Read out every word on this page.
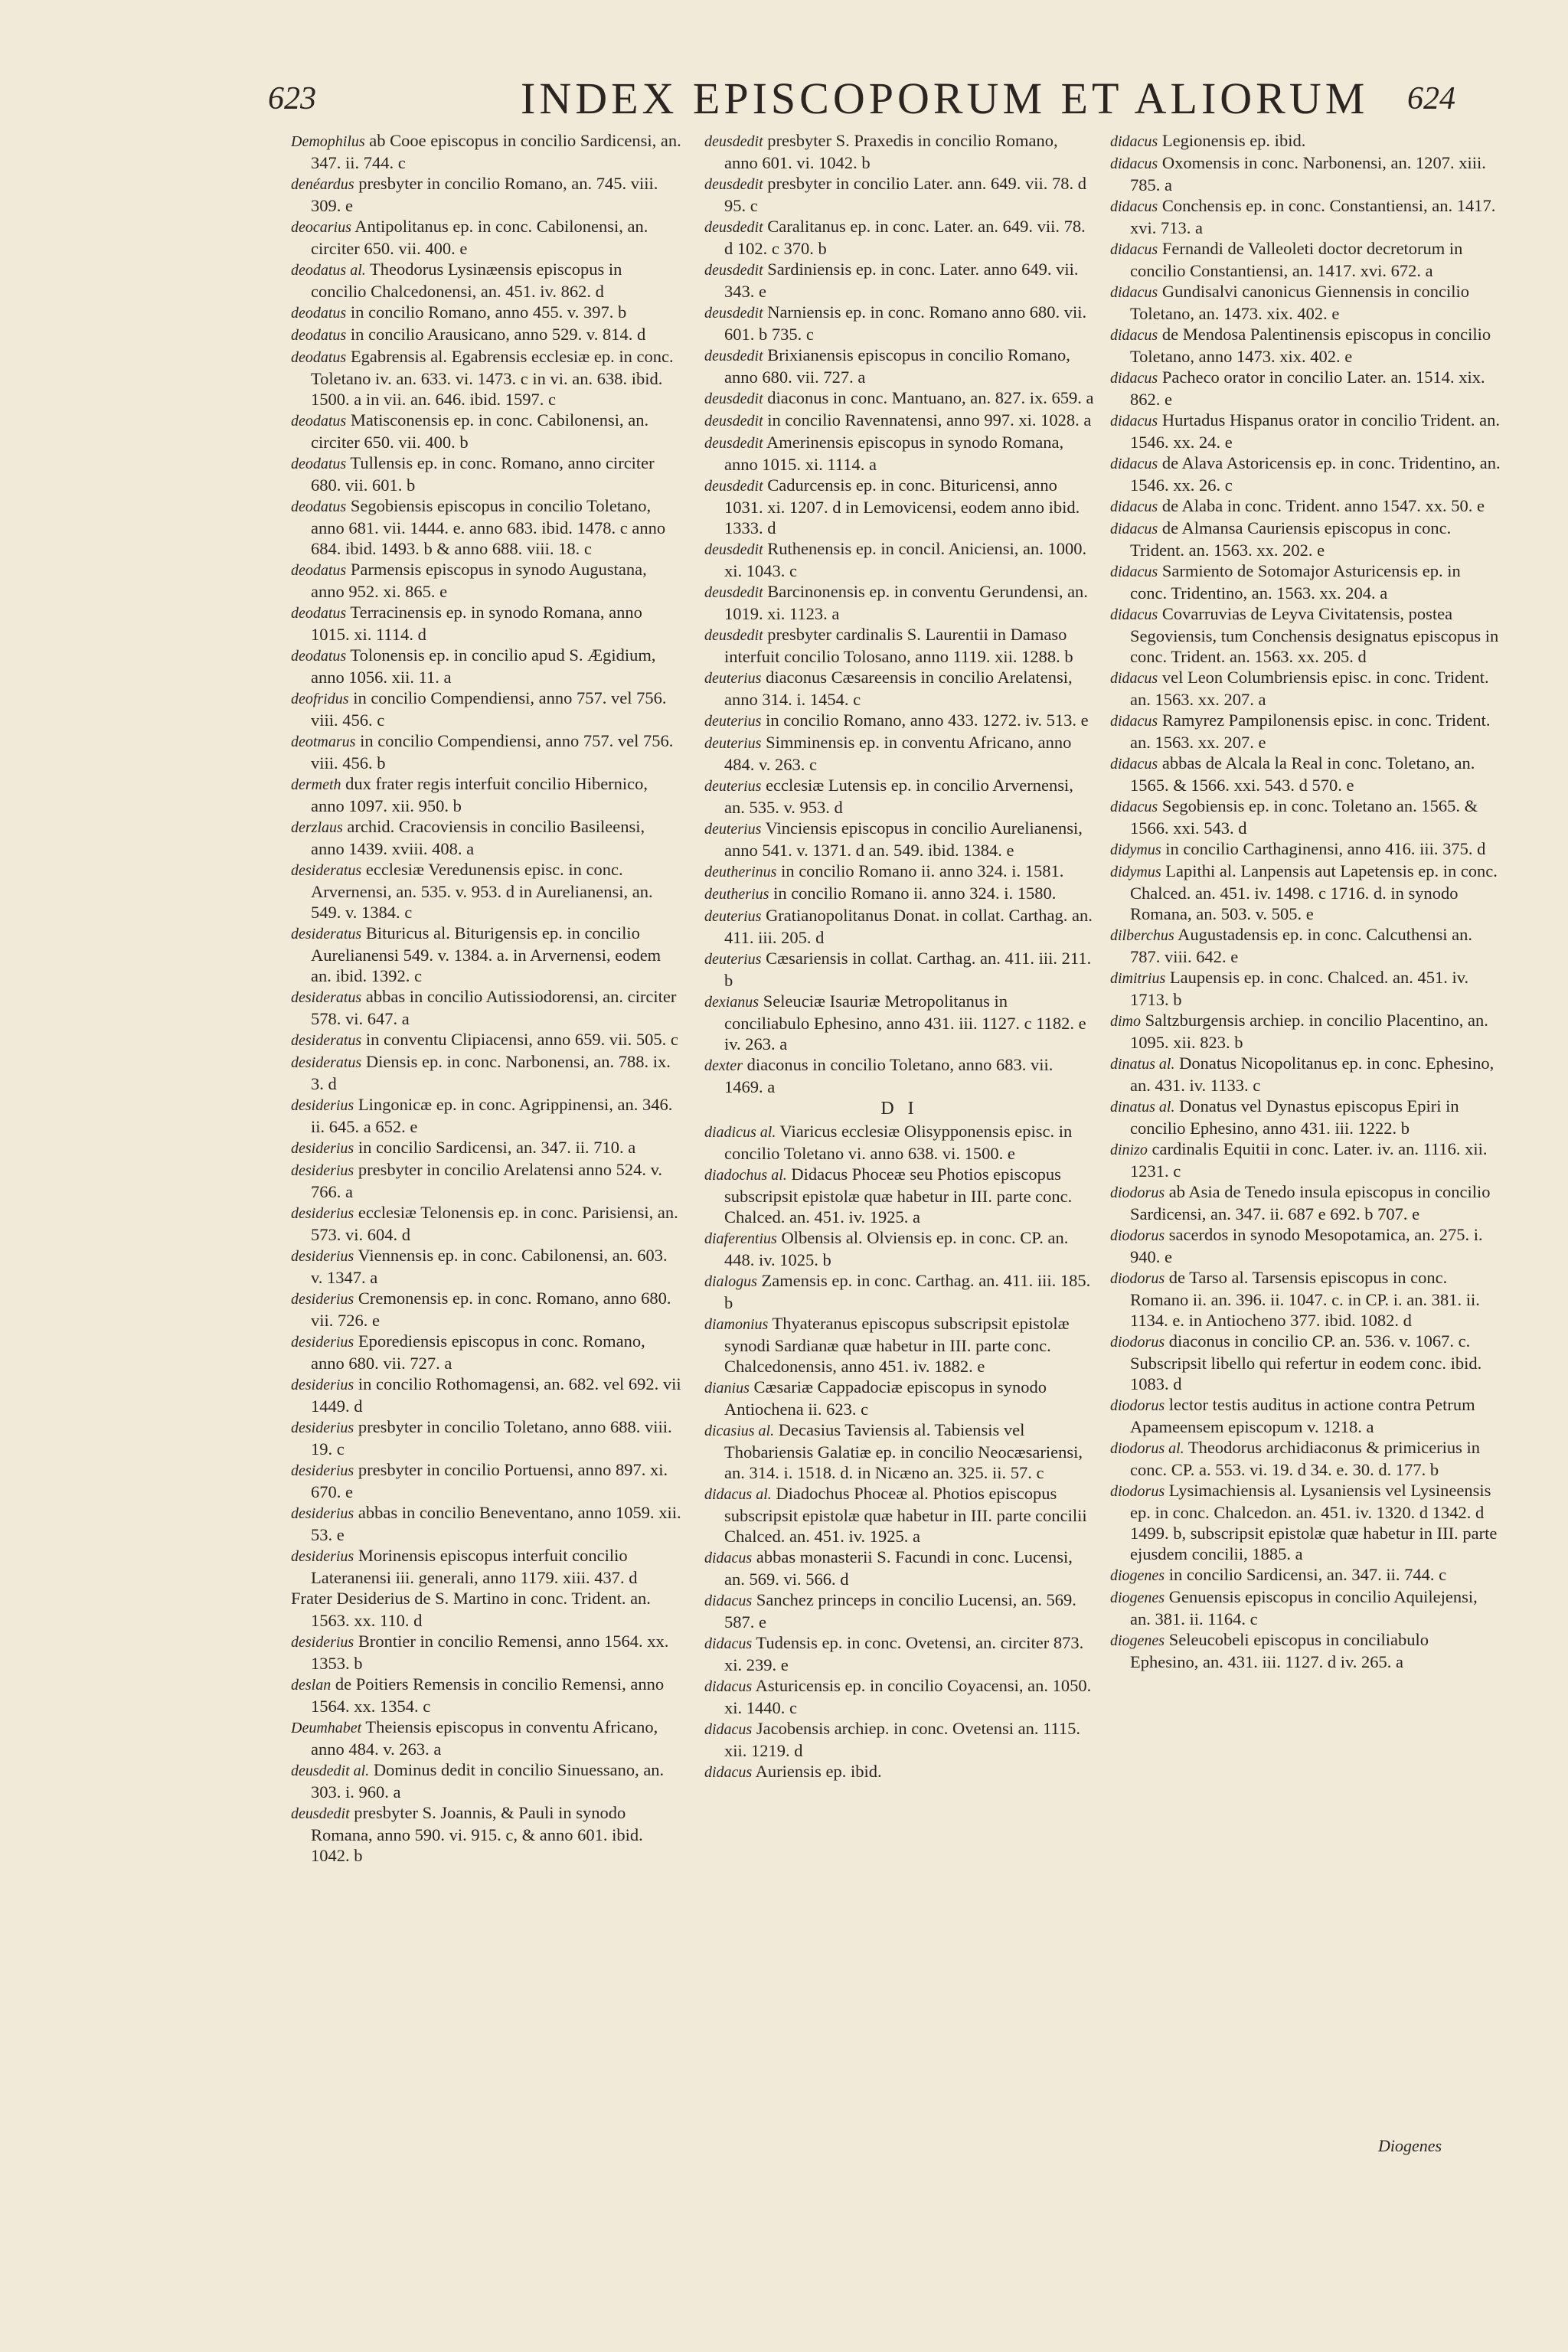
623	INDEX EPISCOPORUM ET ALIORUM 624

Demophilus ab Cooe episcopus in concilio Sardicensi, an. 347. ii. 744. c

denéardus presbyter in concilio Romano, an. 745. viii. 309. e

deocarius Antipolitanus ep. in conc. Cabilonensi, an. circiter 650. vii. 400. e

deodatus al. Theodorus Lysinæensis episcopus in concilio Chalcedonensi, an. 451. iv. 862. d

deodatus in concilio Romano, anno 455. v. 397. b

deodatus in concilio Arausicano, anno 529. v. 814. d

deodatus Egabrensis al. Egabrensis ecclesiæ ep. in conc. Toletano iv. an. 633. vi. 1473. c in vi. an. 638. ibid. 1500. a in vii. an. 646. ibid. 1597. c

deodatus Matisconensis ep. in conc. Cabilonensi, an. circiter 650. vii. 400. b

deodatus Tullensis ep. in conc. Romano, anno circiter 680. vii. 601. b

deodatus Segobiensis episcopus in concilio Toletano, anno 681. vii. 1444. e. anno 683. ibid. 1478. c anno 684. ibid. 1493. b & anno 688. viii. 18. c

deodatus Parmensis episcopus in synodo Augustana, anno 952. xi. 865. e

deodatus Terracinensis ep. in synodo Romana, anno 1015. xi. 1114. d

deodatus Tolonensis ep. in concilio apud S. Ægidium, anno 1056. xii. 11. a

deofridus in concilio Compendiensi, anno 757. vel 756. viii. 456. c

deotmarus in concilio Compendiensi, anno 757. vel 756. viii. 456. b

dermeth dux frater regis interfuit concilio Hibernico, anno 1097. xii. 950. b

derzlaus archid. Cracoviensis in concilio Basileensi, anno 1439. xviii. 408. a

desideratus ecclesiæ Veredunensis episc. in conc. Arvernensi, an. 535. v. 953. d in Aurelianensi, an. 549. v. 1384. c

desideratus Bituricus al. Biturigensis ep. in concilio Aurelianensi 549. v. 1384. a. in Arvernensi, eodem an. ibid. 1392. c

desideratus abbas in concilio Autissiodorensi, an. circiter 578. vi. 647. a

desideratus in conventu Clipiacensi, anno 659. vii. 505. c

desideratus Diensis ep. in conc. Narbonensi, an. 788. ix. 3. d

desiderius Lingonicæ ep. in conc. Agrippinensi, an. 346. ii. 645. a 652. e

desiderius in concilio Sardicensi, an. 347. ii. 710. a

desiderius presbyter in concilio Arelatensi anno 524. v. 766. a

desiderius ecclesiæ Telonensis ep. in conc. Parisiensi, an. 573. vi. 604. d

desiderius Viennensis ep. in conc. Cabilonensi, an. 603. v. 1347. a

desiderius Cremonensis ep. in conc. Romano, anno 680. vii. 726. e

desiderius Eporediensis episcopus in conc. Romano, anno 680. vii. 727. a

desiderius in concilio Rothomagensi, an. 682. vel 692. vii 1449. d

desiderius presbyter in concilio Toletano, anno 688. viii. 19. c

desiderius presbyter in concilio Portuensi, anno 897. xi. 670. e

desiderius abbas in concilio Beneventano, anno 1059. xii. 53. e

desiderius Morinensis episcopus interfuit concilio Lateranensi iii. generali, anno 1179. xiii. 437. d

Frater Desiderius de S. Martino in conc. Trident. an. 1563. xx. 110. d

desiderius Brontier in concilio Remensi, anno 1564. xx. 1353. b

deslan de Poitiers Remensis in concilio Remensi, anno 1564. xx. 1354. c

Deumhabet Theiensis episcopus in conventu Africano, anno 484. v. 263. a

deusdedit al. Dominus dedit in concilio Sinuessano, an. 303. i. 960. a

deusdedit presbyter S. Joannis, & Pauli in synodo Romana, anno 590. vi. 915. c, & anno 601. ibid. 1042. b

deusdedit presbyter S. Praxedis in concilio Romano, anno 601. vi. 1042. b

deusdedit presbyter in concilio Later. ann. 649. vii. 78. d 95. c

deusdedit Caralitanus ep. in conc. Later. an. 649. vii. 78. d 102. c 370. b

deusdedit Sardiniensis ep. in conc. Later. anno 649. vii. 343. e

deusdedit Narniensis ep. in conc. Romano anno 680. vii. 601. b 735. c

deusdedit Brixianensis episcopus in concilio Romano, anno 680. vii. 727. a

deusdedit diaconus in conc. Mantuano, an. 827. ix. 659. a

deusdedit in concilio Ravennatensi, anno 997. xi. 1028. a

deusdedit Amerinensis episcopus in synodo Romana, anno 1015. xi. 1114. a

deusdedit Cadurcensis ep. in conc. Bituricensi, anno 1031. xi. 1207. d in Lemovicensi, eodem anno ibid. 1333. d

deusdedit Ruthenensis ep. in concil. Aniciensi, an. 1000. xi. 1043. c

deusdedit Barcinonensis ep. in conventu Gerundensi, an. 1019. xi. 1123. a

deusdedit presbyter cardinalis S. Laurentii in Damaso interfuit concilio Tolosano, anno 1119. xii. 1288. b

deuterius diaconus Cæsareensis in concilio Arelatensi, anno 314. i. 1454. c

deuterius in concilio Romano, anno 433. 1272. iv. 513. e

deuterius Simminensis ep. in conventu Africano, anno 484. v. 263. c

deuterius ecclesiæ Lutensis ep. in concilio Arvernensi, an. 535. v. 953. d

deuterius Vinciensis episcopus in concilio Aurelianensi, anno 541. v. 1371. d an. 549. ibid. 1384. e

deutherinus in concilio Romano ii. anno 324. i. 1581.

deutherius in concilio Romano ii. anno 324. i. 1580.

deuterius Gratianopolitanus Donat. in collat. Carthag. an. 411. iii. 205. d

deuterius Cæsariensis in collat. Carthag. an. 411. iii. 211. b

dexianus Seleuciæ Isauriæ Metropolitanus in conciliabulo Ephesino, anno 431. iii. 1127. c 1182. e iv. 263. a

dexter diaconus in concilio Toletano, anno 683. vii. 1469. a

D I

diadicus al. Viaricus ecclesiæ Olisypponensis episc. in concilio Toletano vi. anno 638. vi. 1500. e

diadochus al. Didacus Phoceæ seu Photios episcopus subscripsit epistolæ quæ habetur in III. parte conc. Chalced. an. 451. iv. 1925. a

diaferentius Olbensis al. Olviensis ep. in conc. CP. an. 448. iv. 1025. b

dialogus Zamensis ep. in conc. Carthag. an. 411. iii. 185. b

diamonius Thyateranus episcopus subscripsit epistolæ synodi Sardianæ quæ habetur in III. parte conc. Chalcedonensis, anno 451. iv. 1882. e

dianius Cæsariæ Cappadociæ episcopus in synodo Antiochena ii. 623. c

dicasius al. Decasius Taviensis al. Tabiensis vel Thobariensis Galatiæ ep. in concilio Neocæsariensi, an. 314. i. 1518. d. in Nicæno an. 325. ii. 57. c

didacus al. Diadochus Phoceæ al. Photios episcopus subscripsit epistolæ quæ habetur in III. parte concilii Chalced. an. 451. iv. 1925. a

didacus abbas monasterii S. Facundi in conc. Lucensi, an. 569. vi. 566. d

didacus Sanchez princeps in concilio Lucensi, an. 569. 587. e

didacus Tudensis ep. in conc. Ovetensi, an. circiter 873. xi. 239. e

didacus Asturicensis ep. in concilio Coyacensi, an. 1050. xi. 1440. c

didacus Jacobensis archiep. in conc. Ovetensi an. 1115. xii. 1219. d

didacus Auriensis ep. ibid.

didacus Legionensis ep. ibid.

didacus Oxomensis in conc. Narbonensi, an. 1207. xiii. 785. a

didacus Conchensis ep. in conc. Constantiensi, an. 1417. xvi. 713. a

didacus Fernandi de Valleoleti doctor decretorum in concilio Constantiensi, an. 1417. xvi. 672. a

didacus Gundisalvi canonicus Giennensis in concilio Toletano, an. 1473. xix. 402. e

didacus de Mendosa Palentinensis episcopus in concilio Toletano, anno 1473. xix. 402. e

didacus Pacheco orator in concilio Later. an. 1514. xix. 862. e

didacus Hurtadus Hispanus orator in concilio Trident. an. 1546. xx. 24. e

didacus de Alava Astoricensis ep. in conc. Tridentino, an. 1546. xx. 26. c

didacus de Alaba in conc. Trident. anno 1547. xx. 50. e

didacus de Almansa Cauriensis episcopus in conc. Trident. an. 1563. xx. 202. e

didacus Sarmiento de Sotomajor Asturicensis ep. in conc. Tridentino, an. 1563. xx. 204. a

didacus Covarruvias de Leyva Civitatensis, postea Segoviensis, tum Conchensis designatus episcopus in conc. Trident. an. 1563. xx. 205. d

didacus vel Leon Columbriensis episc. in conc. Trident. an. 1563. xx. 207. a

didacus Ramyrez Pampilonensis episc. in conc. Trident. an. 1563. xx. 207. e

didacus abbas de Alcala la Real in conc. Toletano, an. 1565. & 1566. xxi. 543. d 570. e

didacus Segobiensis ep. in conc. Toletano an. 1565. & 1566. xxi. 543. d

didymus in concilio Carthaginensi, anno 416. iii. 375. d

didymus Lapithi al. Lanpensis aut Lapetensis ep. in conc. Chalced. an. 451. iv. 1498. c 1716. d. in synodo Romana, an. 503. v. 505. e

dilberchus Augustadensis ep. in conc. Calcuthensi an. 787. viii. 642. e

dimitrius Laupensis ep. in conc. Chalced. an. 451. iv. 1713. b

dimo Saltzburgensis archiep. in concilio Placentino, an. 1095. xii. 823. b

dinatus al. Donatus Nicopolitanus ep. in conc. Ephesino, an. 431. iv. 1133. c

dinatus al. Donatus vel Dynastus episcopus Epiri in concilio Ephesino, anno 431. iii. 1222. b

dinizo cardinalis Equitii in conc. Later. iv. an. 1116. xii. 1231. c

diodorus ab Asia de Tenedo insula episcopus in concilio Sardicensi, an. 347. ii. 687 e 692. b 707. e

diodorus sacerdos in synodo Mesopotamica, an. 275. i. 940. e

diodorus de Tarso al. Tarsensis episcopus in conc. Romano ii. an. 396. ii. 1047. c. in CP. i. an. 381. ii. 1134. e. in Antiocheno 377. ibid. 1082. d

diodorus diaconus in concilio CP. an. 536. v. 1067. c. Subscripsit libello qui refertur in eodem conc. ibid. 1083. d

diodorus lector testis auditus in actione contra Petrum Apameensem episcopum v. 1218. a

diodorus al. Theodorus archidiaconus & primicerius in conc. CP. a. 553. vi. 19. d 34. e. 30. d. 177. b

diodorus Lysimachiensis al. Lysaniensis vel Lysineensis ep. in conc. Chalcedon. an. 451. iv. 1320. d 1342. d 1499. b, subscripsit epistolæ quæ habetur in III. parte ejusdem concilii, 1885. a

diogenes in concilio Sardicensi, an. 347. ii. 744. c

diogenes Genuensis episcopus in concilio Aquilejensi, an. 381. ii. 1164. c

diogenes Seleucobeli episcopus in conciliabulo Ephesino, an. 431. iii. 1127. d iv. 265. a

Diogenes
